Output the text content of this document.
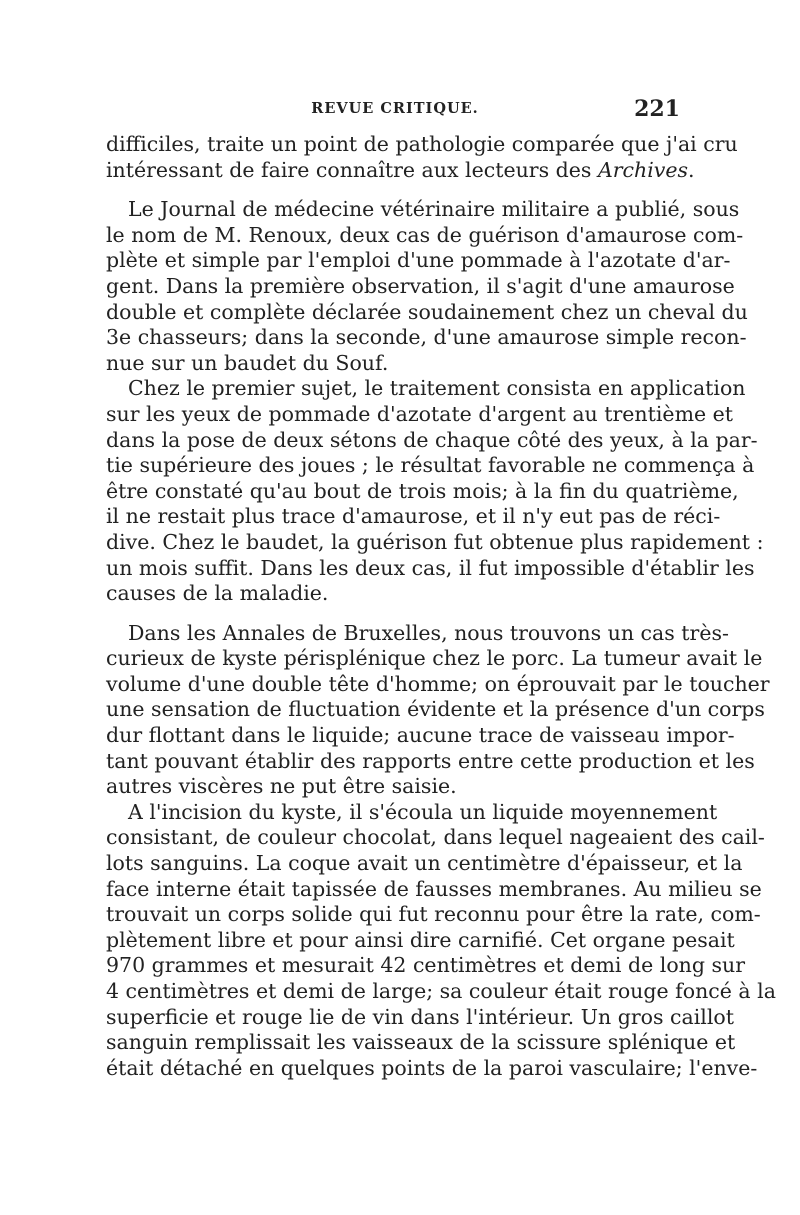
REVUE CRITIQUE.	221
difficiles, traite un point de pathologie comparée que j'ai cru
intéressant de faire connaître aux lecteurs des Archives.
Le Journal de médecine vétérinaire militaire a publié, sous
le nom de M. Renoux, deux cas de guérison d'amaurose com-
plète et simple par l'emploi d'une pommade à l'azotate d'ar-
gent. Dans la première observation, il s'agit d'une amaurose
double et complète déclarée soudainement chez un cheval du
3e chasseurs; dans la seconde, d'une amaurose simple recon-
nue sur un baudet du Souf.
Chez le premier sujet, le traitement consista en application
sur les yeux de pommade d'azotate d'argent au trentième et
dans la pose de deux sétons de chaque côté des yeux, à la par-
tie supérieure des joues ; le résultat favorable ne commença à
être constaté qu'au bout de trois mois; à la fin du quatrième,
il ne restait plus trace d'amaurose, et il n'y eut pas de réci-
dive. Chez le baudet, la guérison fut obtenue plus rapidement :
un mois suffit. Dans les deux cas, il fut impossible d'établir les
causes de la maladie.
Dans les Annales de Bruxelles, nous trouvons un cas très-
curieux de kyste périsplénique chez le porc. La tumeur avait le
volume d'une double tête d'homme; on éprouvait par le toucher
une sensation de fluctuation évidente et la présence d'un corps
dur flottant dans le liquide; aucune trace de vaisseau impor-
tant pouvant établir des rapports entre cette production et les
autres viscères ne put être saisie.
A l'incision du kyste, il s'écoula un liquide moyennement
consistant, de couleur chocolat, dans lequel nageaient des cail-
lots sanguins. La coque avait un centimètre d'épaisseur, et la
face interne était tapissée de fausses membranes. Au milieu se
trouvait un corps solide qui fut reconnu pour être la rate, com-
plètement libre et pour ainsi dire carnifié. Cet organe pesait
970 grammes et mesurait 42 centimètres et demi de long sur
4 centimètres et demi de large; sa couleur était rouge foncé à la
superficie et rouge lie de vin dans l'intérieur. Un gros caillot
sanguin remplissait les vaisseaux de la scissure splénique et
était détaché en quelques points de la paroi vasculaire; l'enve-
